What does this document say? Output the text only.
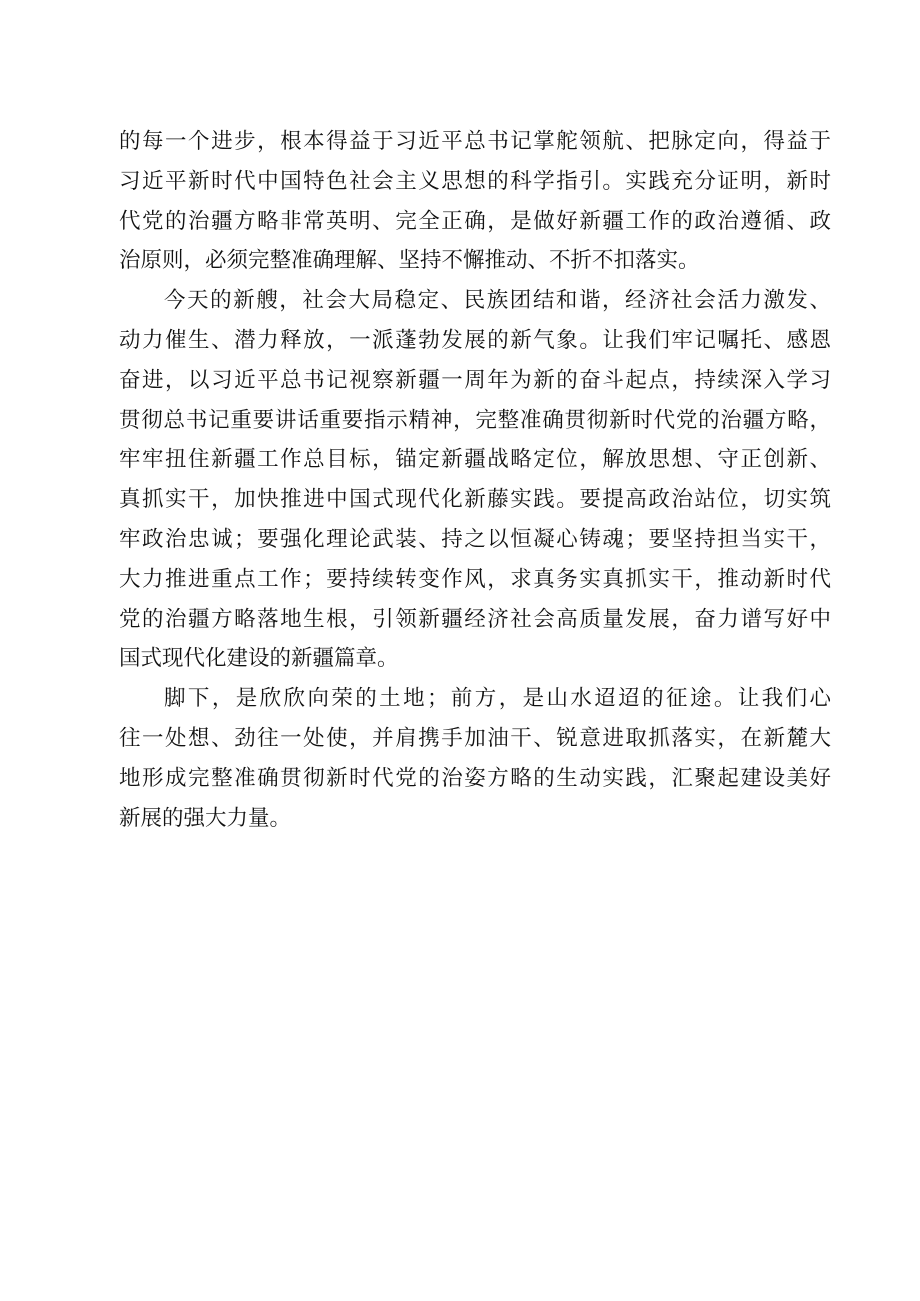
的每一个进步，根本得益于习近平总书记掌舵领航、把脉定向，得益于
习近平新时代中国特色社会主义思想的科学指引。实践充分证明，新时
代党的治疆方略非常英明、完全正确，是做好新疆工作的政治遵循、政
治原则，必须完整准确理解、坚持不懈推动、不折不扣落实。

今天的新艘，社会大局稳定、民族团结和谐，经济社会活力激发、
动力催生、潜力释放，一派蓬勃发展的新气象。让我们牢记嘱托、感恩
奋进，以习近平总书记视察新疆一周年为新的奋斗起点，持续深入学习
贯彻总书记重要讲话重要指示精神，完整准确贯彻新时代党的治疆方略，
牢牢扭住新疆工作总目标，锚定新疆战略定位，解放思想、守正创新、
真抓实干，加快推进中国式现代化新藤实践。要提高政治站位，切实筑
牢政治忠诚；要强化理论武装、持之以恒凝心铸魂；要坚持担当实干，
大力推进重点工作；要持续转变作风，求真务实真抓实干，推动新时代
党的治疆方略落地生根，引领新疆经济社会高质量发展，奋力谱写好中
国式现代化建设的新疆篇章。

脚下，是欣欣向荣的土地；前方，是山水迢迢的征途。让我们心
往一处想、劲往一处使，并肩携手加油干、锐意进取抓落实，在新麓大
地形成完整准确贯彻新时代党的治姿方略的生动实践，汇聚起建设美好
新展的强大力量。
